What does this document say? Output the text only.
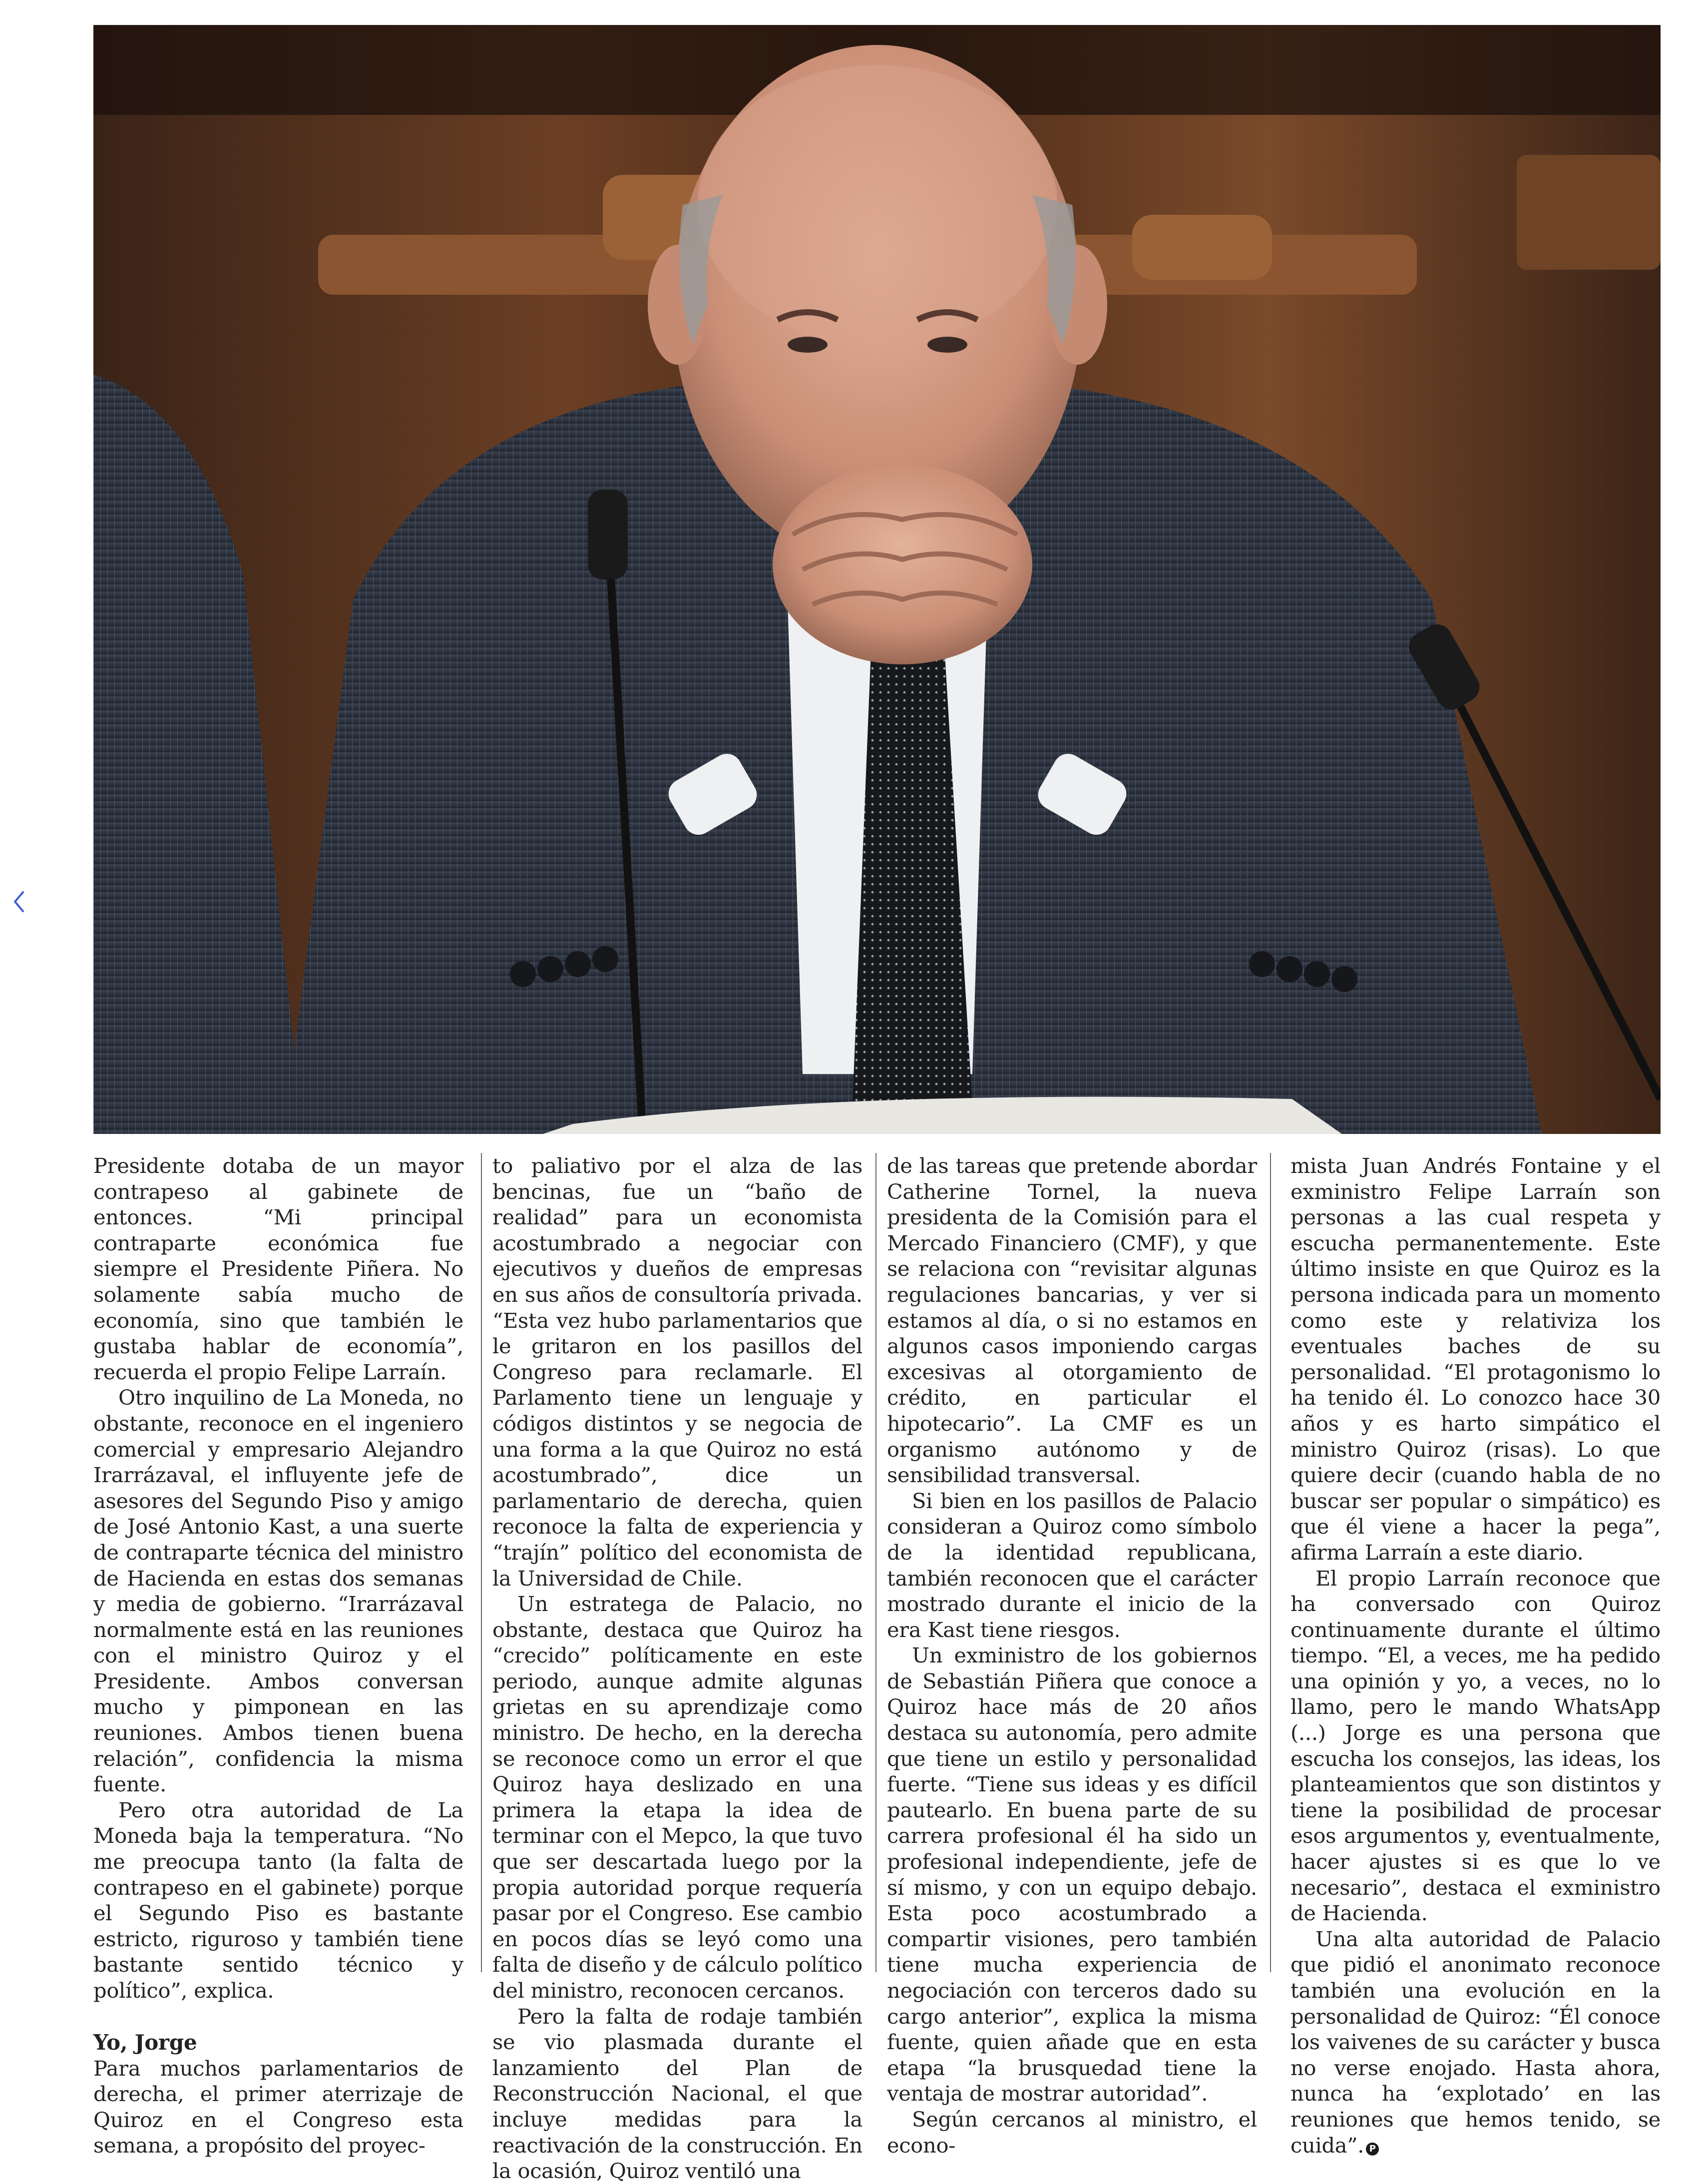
Presidente dotaba de un mayor contrapeso al gabinete de entonces. “Mi principal contraparte económica fue siempre el Presidente Piñera. No solamente sabía mucho de economía, sino que también le gustaba hablar de economía”, recuerda el propio Felipe Larraín.

Otro inquilino de La Moneda, no obstante, reconoce en el ingeniero comercial y empresario Alejandro Irarrázaval, el influyente jefe de asesores del Segundo Piso y amigo de José Antonio Kast, a una suerte de contraparte técnica del ministro de Hacienda en estas dos semanas y media de gobierno. “Irarrázaval normalmente está en las reuniones con el ministro Quiroz y el Presidente. Ambos conversan mucho y pimponean en las reuniones. Ambos tienen buena relación”, confidencia la misma fuente.

Pero otra autoridad de La Moneda baja la temperatura. “No me preocupa tanto (la falta de contrapeso en el gabinete) porque el Segundo Piso es bastante estricto, riguroso y también tiene bastante sentido técnico y político”, explica.

Yo, Jorge

Para muchos parlamentarios de derecha, el primer aterrizaje de Quiroz en el Congreso esta semana, a propósito del proyec-

to paliativo por el alza de las bencinas, fue un “baño de realidad” para un economista acostumbrado a negociar con ejecutivos y dueños de empresas en sus años de consultoría privada. “Esta vez hubo parlamentarios que le gritaron en los pasillos del Congreso para reclamarle. El Parlamento tiene un lenguaje y códigos distintos y se negocia de una forma a la que Quiroz no está acostumbrado”, dice un parlamentario de derecha, quien reconoce la falta de experiencia y “trajín” político del economista de la Universidad de Chile.

Un estratega de Palacio, no obstante, destaca que Quiroz ha “crecido” políticamente en este periodo, aunque admite algunas grietas en su aprendizaje como ministro. De hecho, en la derecha se reconoce como un error el que Quiroz haya deslizado en una primera la etapa la idea de terminar con el Mepco, la que tuvo que ser descartada luego por la propia autoridad porque requería pasar por el Congreso. Ese cambio en pocos días se leyó como una falta de diseño y de cálculo político del ministro, reconocen cercanos.

Pero la falta de rodaje también se vio plasmada durante el lanzamiento del Plan de Reconstrucción Nacional, el que incluye medidas para la reactivación de la construcción. En la ocasión, Quiroz ventiló una

de las tareas que pretende abordar Catherine Tornel, la nueva presidenta de la Comisión para el Mercado Financiero (CMF), y que se relaciona con “revisitar algunas regulaciones bancarias, y ver si estamos al día, o si no estamos en algunos casos imponiendo cargas excesivas al otorgamiento de crédito, en particular el hipotecario”. La CMF es un organismo autónomo y de sensibilidad transversal.

Si bien en los pasillos de Palacio consideran a Quiroz como símbolo de la identidad republicana, también reconocen que el carácter mostrado durante el inicio de la era Kast tiene riesgos.

Un exministro de los gobiernos de Sebastián Piñera que conoce a Quiroz hace más de 20 años destaca su autonomía, pero admite que tiene un estilo y personalidad fuerte. “Tiene sus ideas y es difícil pautearlo. En buena parte de su carrera profesional él ha sido un profesional independiente, jefe de sí mismo, y con un equipo debajo. Esta poco acostumbrado a compartir visiones, pero también tiene mucha experiencia de negociación con terceros dado su cargo anterior”, explica la misma fuente, quien añade que en esta etapa “la brusquedad tiene la ventaja de mostrar autoridad”.

Según cercanos al ministro, el econo-

mista Juan Andrés Fontaine y el exministro Felipe Larraín son personas a las cual respeta y escucha permanentemente. Este último insiste en que Quiroz es la persona indicada para un momento como este y relativiza los eventuales baches de su personalidad. “El protagonismo lo ha tenido él. Lo conozco hace 30 años y es harto simpático el ministro Quiroz (risas). Lo que quiere decir (cuando habla de no buscar ser popular o simpático) es que él viene a hacer la pega”, afirma Larraín a este diario.

El propio Larraín reconoce que ha conversado con Quiroz continuamente durante el último tiempo. “El, a veces, me ha pedido una opinión y yo, a veces, no lo llamo, pero le mando WhatsApp (...) Jorge es una persona que escucha los consejos, las ideas, los planteamientos que son distintos y tiene la posibilidad de procesar esos argumentos y, eventualmente, hacer ajustes si es que lo ve necesario”, destaca el exministro de Hacienda.

Una alta autoridad de Palacio que pidió el anonimato reconoce también una evolución en la personalidad de Quiroz: “Él conoce los vaivenes de su carácter y busca no verse enojado. Hasta ahora, nunca ha ‘explotado’ en las reuniones que hemos tenido, se cuida”. P
